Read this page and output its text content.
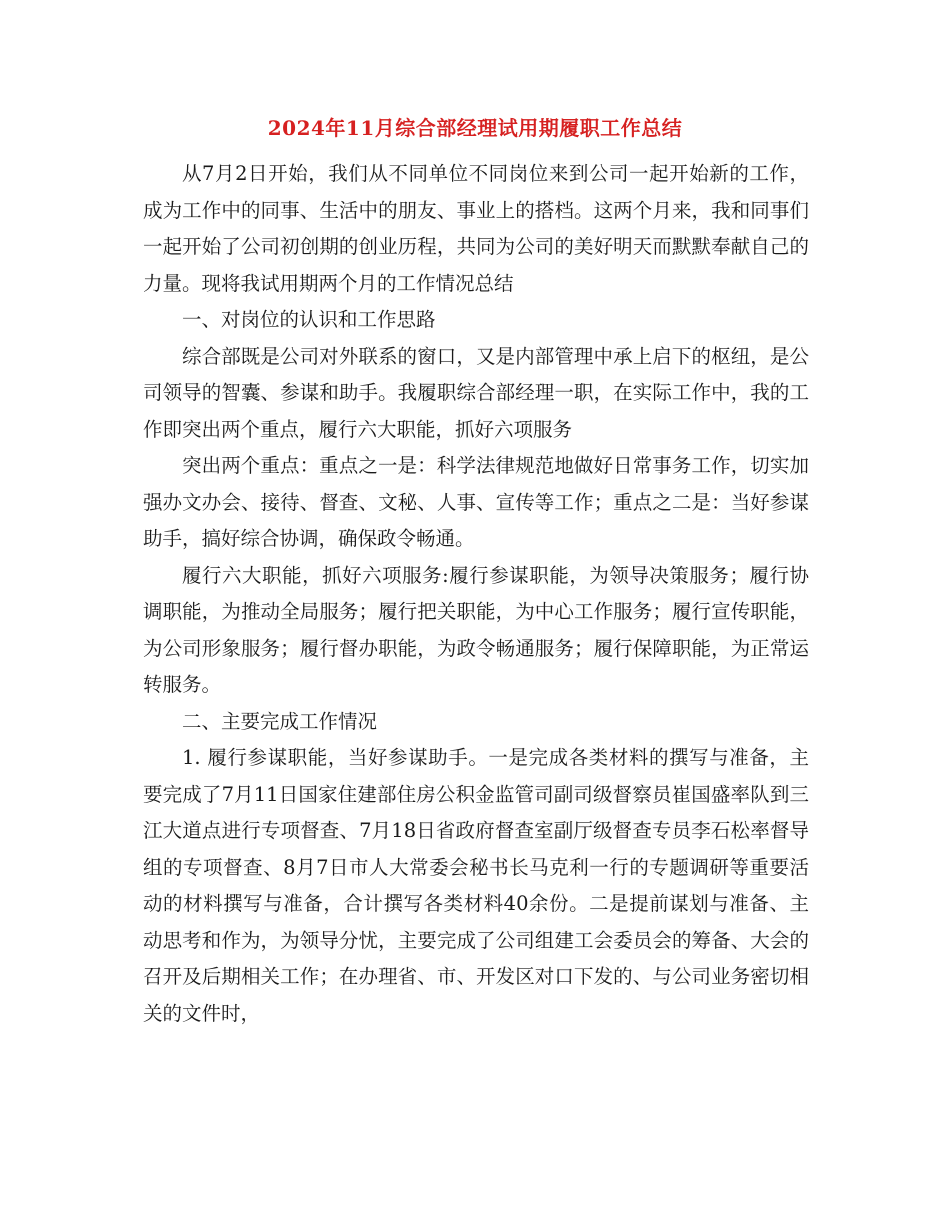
2024年11月综合部经理试用期履职工作总结

从7月2日开始，我们从不同单位不同岗位来到公司一起开始新的工作，成为工作中的同事、生活中的朋友、事业上的搭档。这两个月来，我和同事们一起开始了公司初创期的创业历程，共同为公司的美好明天而默默奉献自己的力量。现将我试用期两个月的工作情况总结

一、对岗位的认识和工作思路

综合部既是公司对外联系的窗口，又是内部管理中承上启下的枢纽，是公司领导的智囊、参谋和助手。我履职综合部经理一职，在实际工作中，我的工作即突出两个重点，履行六大职能，抓好六项服务

突出两个重点：重点之一是：科学法律规范地做好日常事务工作，切实加强办文办会、接待、督查、文秘、人事、宣传等工作；重点之二是：当好参谋助手，搞好综合协调，确保政令畅通。

履行六大职能，抓好六项服务:履行参谋职能，为领导决策服务；履行协调职能，为推动全局服务；履行把关职能，为中心工作服务；履行宣传职能，为公司形象服务；履行督办职能，为政令畅通服务；履行保障职能，为正常运转服务。

二、主要完成工作情况

1. 履行参谋职能，当好参谋助手。一是完成各类材料的撰写与准备，主要完成了7月11日国家住建部住房公积金监管司副司级督察员崔国盛率队到三江大道点进行专项督查、7月18日省政府督查室副厅级督查专员李石松率督导组的专项督查、8月7日市人大常委会秘书长马克利一行的专题调研等重要活动的材料撰写与准备，合计撰写各类材料40余份。二是提前谋划与准备、主动思考和作为，为领导分忧，主要完成了公司组建工会委员会的筹备、大会的召开及后期相关工作；在办理省、市、开发区对口下发的、与公司业务密切相关的文件时，
